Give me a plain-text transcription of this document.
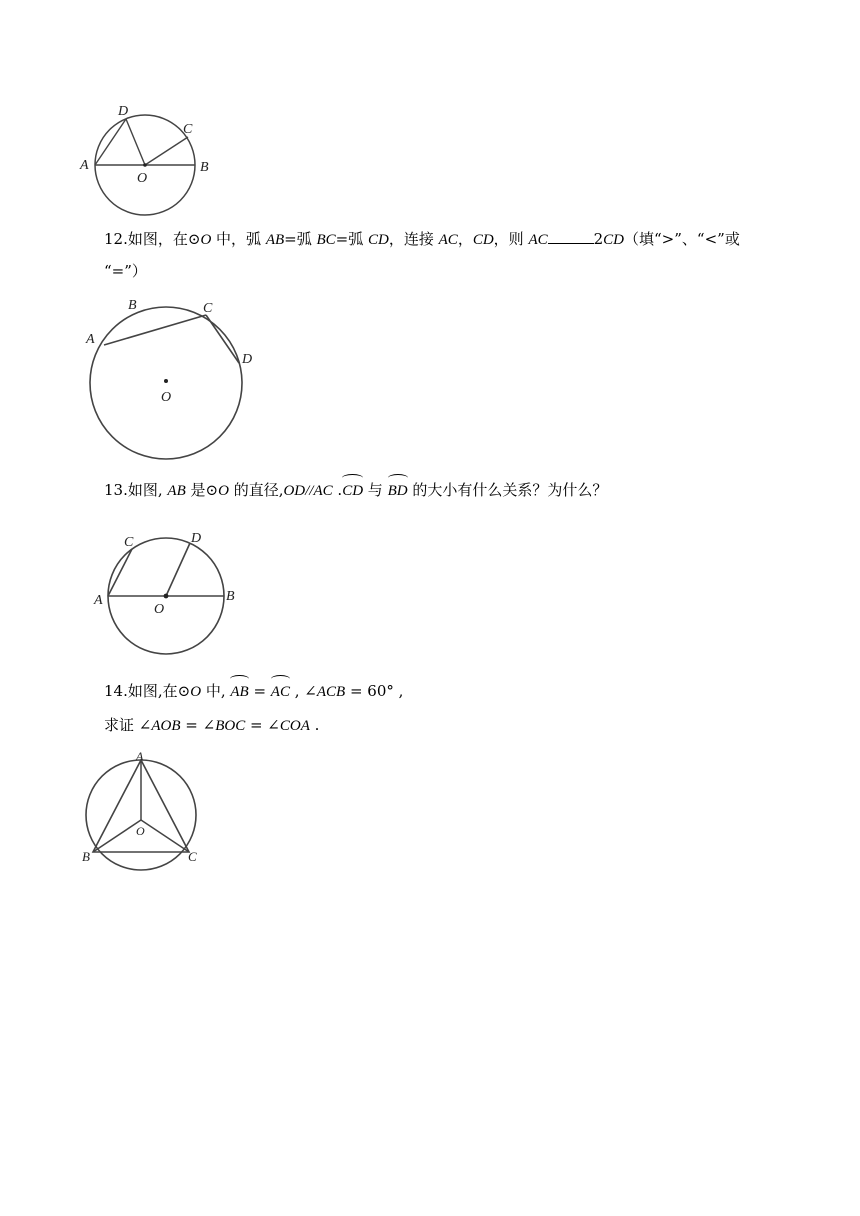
D
C
A	B
O
12.如图，在⊙O 中，弧 AB=弧 BC=弧 CD，连接 AC，CD，则 AC	2CD（填“>”、“<”或
“=”）
B	C
A
D
O
13.如图, AB 是⊙O 的直径,OD//AC .CD 与 BD 的大小有什么关系？为什么？
C	D
A	B
O
14.如图,在⊙O 中, AB = AC , ∠ACB = 60° ,
求证 ∠AOB = ∠BOC = ∠COA .
A
O
B	C
